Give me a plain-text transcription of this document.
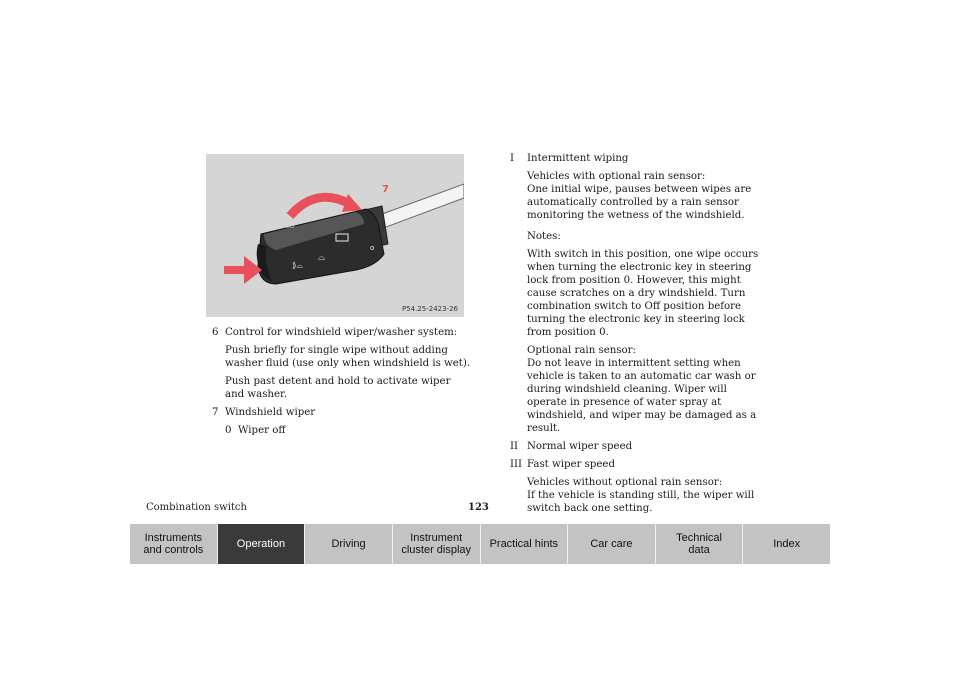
⌓
⟫⌓
o
≡D
7
6
P54.25-2423-26
6 Control for windshield wiper/washer system:

Push briefly for single wipe without adding washer fluid (use only when windshield is wet).

Push past detent and hold to activate wiper and washer.

7 Windshield wiper
0 Wiper off
I	Intermittent wiping

Vehicles with optional rain sensor:
One initial wipe, pauses between wipes are automatically controlled by a rain sensor monitoring the wetness of the windshield.

Notes:

With switch in this position, one wipe occurs when turning the electronic key in steering lock from position 0. However, this might cause scratches on a dry windshield. Turn combination switch to Off position before turning the electronic key in steering lock from position 0.

Optional rain sensor:
Do not leave in intermittent setting when vehicle is taken to an automatic car wash or during windshield cleaning. Wiper will operate in presence of water spray at windshield, and wiper may be damaged as a result.

II Normal wiper speed
III Fast wiper speed

Vehicles without optional rain sensor:
If the vehicle is standing still, the wiper will switch back one setting.

Combination switch	123
Instruments
and controls	Operation	Driving	Instrument
cluster display	Practical hints	Car care	Technical
data	Index
